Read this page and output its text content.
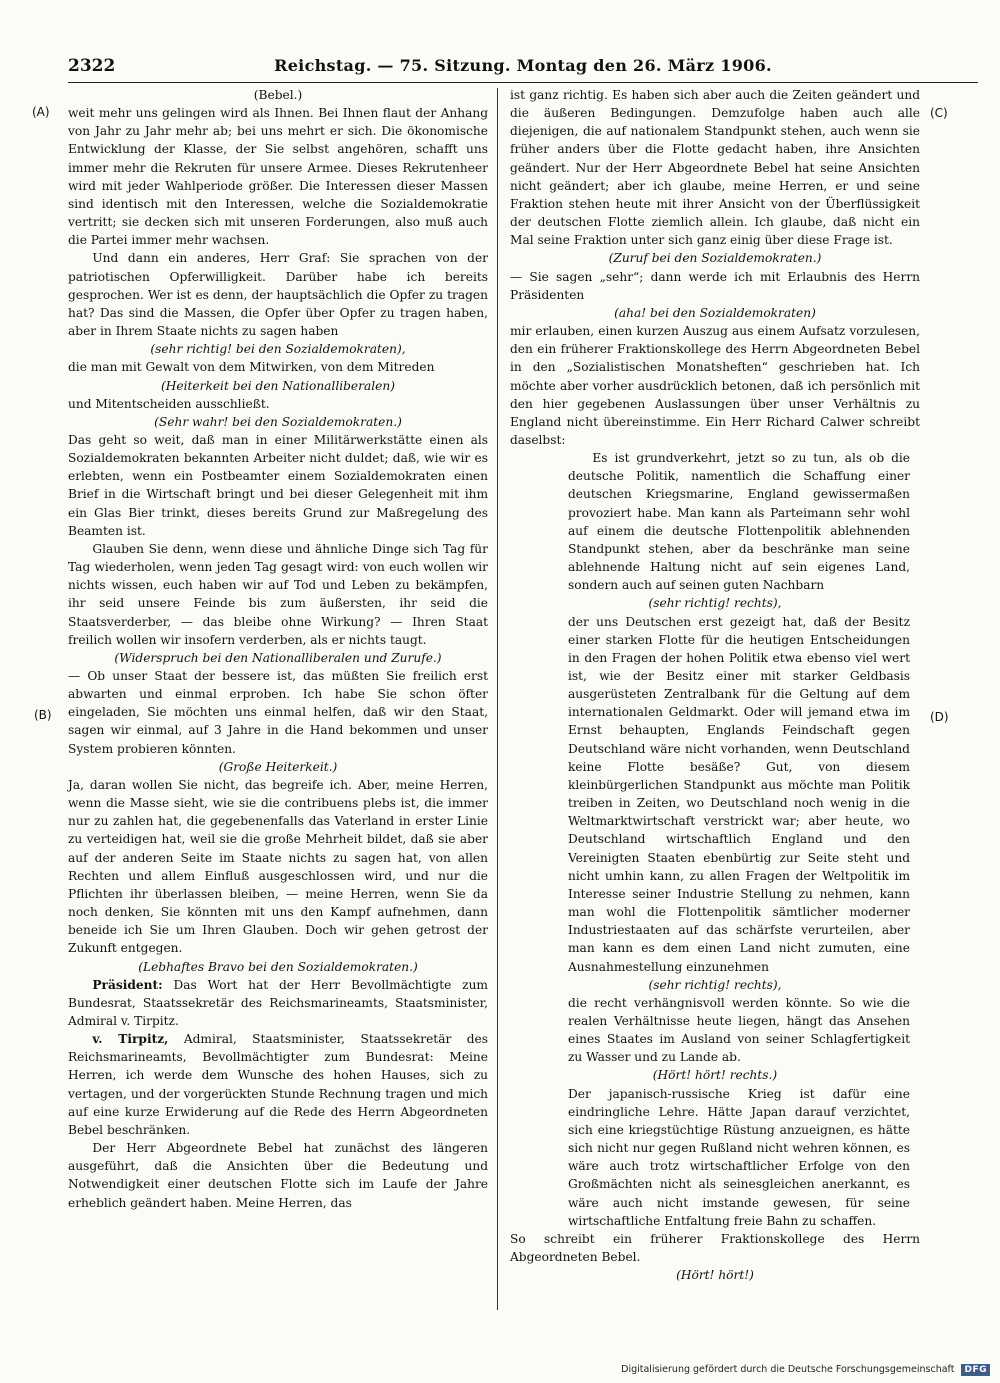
2322	Reichstag. — 75. Sitzung. Montag den 26. März 1906.
(A)
(B)
(C)
(D)

(Bebel.)

weit mehr uns gelingen wird als Ihnen. Bei Ihnen flaut der Anhang von Jahr zu Jahr mehr ab; bei uns mehrt er sich. Die ökonomische Entwicklung der Klasse, der Sie selbst angehören, schafft uns immer mehr die Rekruten für unsere Armee. Dieses Rekrutenheer wird mit jeder Wahlperiode größer. Die Interessen dieser Massen sind identisch mit den Interessen, welche die Sozialdemokratie vertritt; sie decken sich mit unseren Forderungen, also muß auch die Partei immer mehr wachsen.

Und dann ein anderes, Herr Graf: Sie sprachen von der patriotischen Opferwilligkeit. Darüber habe ich bereits gesprochen. Wer ist es denn, der hauptsächlich die Opfer zu tragen hat? Das sind die Massen, die Opfer über Opfer zu tragen haben, aber in Ihrem Staate nichts zu sagen haben

(sehr richtig! bei den Sozialdemokraten),

die man mit Gewalt von dem Mitwirken, von dem Mitreden

(Heiterkeit bei den Nationalliberalen)

und Mitentscheiden ausschließt.

(Sehr wahr! bei den Sozialdemokraten.)

Das geht so weit, daß man in einer Militärwerkstätte einen als Sozialdemokraten bekannten Arbeiter nicht duldet; daß, wie wir es erlebten, wenn ein Postbeamter einem Sozialdemokraten einen Brief in die Wirtschaft bringt und bei dieser Gelegenheit mit ihm ein Glas Bier trinkt, dieses bereits Grund zur Maßregelung des Beamten ist.

Glauben Sie denn, wenn diese und ähnliche Dinge sich Tag für Tag wiederholen, wenn jeden Tag gesagt wird: von euch wollen wir nichts wissen, euch haben wir auf Tod und Leben zu bekämpfen, ihr seid unsere Feinde bis zum äußersten, ihr seid die Staatsverderber, — das bleibe ohne Wirkung? — Ihren Staat freilich wollen wir insofern verderben, als er nichts taugt.

(Widerspruch bei den Nationalliberalen und Zurufe.)

— Ob unser Staat der bessere ist, das müßten Sie freilich erst abwarten und einmal erproben. Ich habe Sie schon öfter eingeladen, Sie möchten uns einmal helfen, daß wir den Staat, sagen wir einmal, auf 3 Jahre in die Hand bekommen und unser System probieren könnten.

(Große Heiterkeit.)

Ja, daran wollen Sie nicht, das begreife ich. Aber, meine Herren, wenn die Masse sieht, wie sie die contribuens plebs ist, die immer nur zu zahlen hat, die gegebenenfalls das Vaterland in erster Linie zu verteidigen hat, weil sie die große Mehrheit bildet, daß sie aber auf der anderen Seite im Staate nichts zu sagen hat, von allen Rechten und allem Einfluß ausgeschlossen wird, und nur die Pflichten ihr überlassen bleiben, — meine Herren, wenn Sie da noch denken, Sie könnten mit uns den Kampf aufnehmen, dann beneide ich Sie um Ihren Glauben. Doch wir gehen getrost der Zukunft entgegen.

(Lebhaftes Bravo bei den Sozialdemokraten.)

Präsident: Das Wort hat der Herr Bevollmächtigte zum Bundesrat, Staatssekretär des Reichsmarineamts, Staatsminister, Admiral v. Tirpitz.

v. Tirpitz, Admiral, Staatsminister, Staatssekretär des Reichsmarineamts, Bevollmächtigter zum Bundesrat: Meine Herren, ich werde dem Wunsche des hohen Hauses, sich zu vertagen, und der vorgerückten Stunde Rechnung tragen und mich auf eine kurze Erwiderung auf die Rede des Herrn Abgeordneten Bebel beschränken.

Der Herr Abgeordnete Bebel hat zunächst des längeren ausgeführt, daß die Ansichten über die Bedeutung und Notwendigkeit einer deutschen Flotte sich im Laufe der Jahre erheblich geändert haben. Meine Herren, das

ist ganz richtig. Es haben sich aber auch die Zeiten geändert und die äußeren Bedingungen. Demzufolge haben auch alle diejenigen, die auf nationalem Standpunkt stehen, auch wenn sie früher anders über die Flotte gedacht haben, ihre Ansichten geändert. Nur der Herr Abgeordnete Bebel hat seine Ansichten nicht geändert; aber ich glaube, meine Herren, er und seine Fraktion stehen heute mit ihrer Ansicht von der Überflüssigkeit der deutschen Flotte ziemlich allein. Ich glaube, daß nicht ein Mal seine Fraktion unter sich ganz einig über diese Frage ist.

(Zuruf bei den Sozialdemokraten.)

— Sie sagen „sehr“; dann werde ich mit Erlaubnis des Herrn Präsidenten

(aha! bei den Sozialdemokraten)

mir erlauben, einen kurzen Auszug aus einem Aufsatz vorzulesen, den ein früherer Fraktionskollege des Herrn Abgeordneten Bebel in den „Sozialistischen Monatsheften“ geschrieben hat. Ich möchte aber vorher ausdrücklich betonen, daß ich persönlich mit den hier gegebenen Auslassungen über unser Verhältnis zu England nicht übereinstimme. Ein Herr Richard Calwer schreibt daselbst:

Es ist grundverkehrt, jetzt so zu tun, als ob die deutsche Politik, namentlich die Schaffung einer deutschen Kriegsmarine, England gewissermaßen provoziert habe. Man kann als Parteimann sehr wohl auf einem die deutsche Flottenpolitik ablehnenden Standpunkt stehen, aber da beschränke man seine ablehnende Haltung nicht auf sein eigenes Land, sondern auch auf seinen guten Nachbarn

(sehr richtig! rechts),

der uns Deutschen erst gezeigt hat, daß der Besitz einer starken Flotte für die heutigen Entscheidungen in den Fragen der hohen Politik etwa ebenso viel wert ist, wie der Besitz einer mit starker Geldbasis ausgerüsteten Zentralbank für die Geltung auf dem internationalen Geldmarkt. Oder will jemand etwa im Ernst behaupten, Englands Feindschaft gegen Deutschland wäre nicht vorhanden, wenn Deutschland keine Flotte besäße? Gut, von diesem kleinbürgerlichen Standpunkt aus möchte man Politik treiben in Zeiten, wo Deutschland noch wenig in die Weltmarktwirtschaft verstrickt war; aber heute, wo Deutschland wirtschaftlich England und den Vereinigten Staaten ebenbürtig zur Seite steht und nicht umhin kann, zu allen Fragen der Weltpolitik im Interesse seiner Industrie Stellung zu nehmen, kann man wohl die Flottenpolitik sämtlicher moderner Industriestaaten auf das schärfste verurteilen, aber man kann es dem einen Land nicht zumuten, eine Ausnahmestellung einzunehmen

(sehr richtig! rechts),

die recht verhängnisvoll werden könnte. So wie die realen Verhältnisse heute liegen, hängt das Ansehen eines Staates im Ausland von seiner Schlagfertigkeit zu Wasser und zu Lande ab.

(Hört! hört! rechts.)

Der japanisch-russische Krieg ist dafür eine eindringliche Lehre. Hätte Japan darauf verzichtet, sich eine kriegstüchtige Rüstung anzueignen, es hätte sich nicht nur gegen Rußland nicht wehren können, es wäre auch trotz wirtschaftlicher Erfolge von den Großmächten nicht als seinesgleichen anerkannt, es wäre auch nicht imstande gewesen, für seine wirtschaftliche Entfaltung freie Bahn zu schaffen.

So schreibt ein früherer Fraktionskollege des Herrn Abgeordneten Bebel.

(Hört! hört!)

Digitalisierung gefördert durch die Deutsche Forschungsgemeinschaft DFG
